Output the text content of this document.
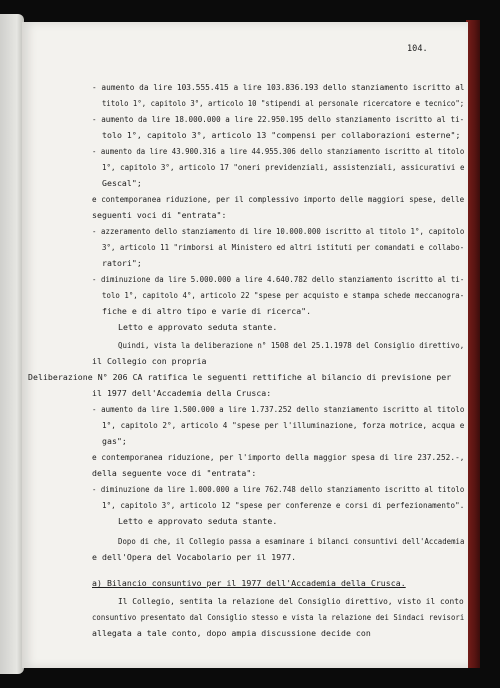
104.
- aumento da lire 103.555.415 a lire 103.836.193 dello stanziamento iscritto al
titolo 1°, capitolo 3°, articolo 10 "stipendi al personale ricercatore e tecnico";
- aumento da lire 18.000.000 a lire 22.950.195 dello stanziamento iscritto al ti-
tolo 1°, capitolo 3°, articolo 13 "compensi per collaborazioni esterne";
- aumento da lire 43.900.316 a lire 44.955.306 dello stanziamento iscritto al titolo
1°, capitolo 3°, articolo 17 "oneri previdenziali, assistenziali, assicurativi e
Gescal";
e contemporanea riduzione, per il complessivo importo delle maggiori spese, delle
seguenti voci di "entrata":
- azzeramento dello stanziamento di lire 10.000.000 iscritto al titolo 1°, capitolo
3°, articolo 11 "rimborsi al Ministero ed altri istituti per comandati e collabo-
ratori";
- diminuzione da lire 5.000.000 a lire 4.640.782 dello stanziamento iscritto al ti-
tolo 1°, capitolo 4°, articolo 22 "spese per acquisto e stampa schede meccanogra-
fiche e di altro tipo e varie di ricerca".
Letto e approvato seduta stante.
Quindi, vista la deliberazione n° 1508 del 25.1.1978 del Consiglio direttivo,
il Collegio con propria
Deliberazione N° 206 CA ratifica le seguenti rettifiche al bilancio di previsione per
il 1977 dell'Accademia della Crusca:
- aumento da lire 1.500.000 a lire 1.737.252 dello stanziamento iscritto al titolo
1°, capitolo 2°, articolo 4 "spese per l'illuminazione, forza motrice, acqua e
gas";
e contemporanea riduzione, per l'importo della maggior spesa di lire 237.252.-,
della seguente voce di "entrata":
- diminuzione da lire 1.000.000 a lire 762.748 dello stanziamento iscritto al titolo
1°, capitolo 3°, articolo 12 "spese per conferenze e corsi di perfezionamento".
Letto e approvato seduta stante.
Dopo di che, il Collegio passa a esaminare i bilanci consuntivi dell'Accademia
e dell'Opera del Vocabolario per il 1977.
a) Bilancio consuntivo per il 1977 dell'Accademia della Crusca.
Il Collegio, sentita la relazione del Consiglio direttivo, visto il conto
consuntivo presentato dal Consiglio stesso e vista la relazione dei Sindaci revisori
allegata a tale conto, dopo ampia discussione decide con
